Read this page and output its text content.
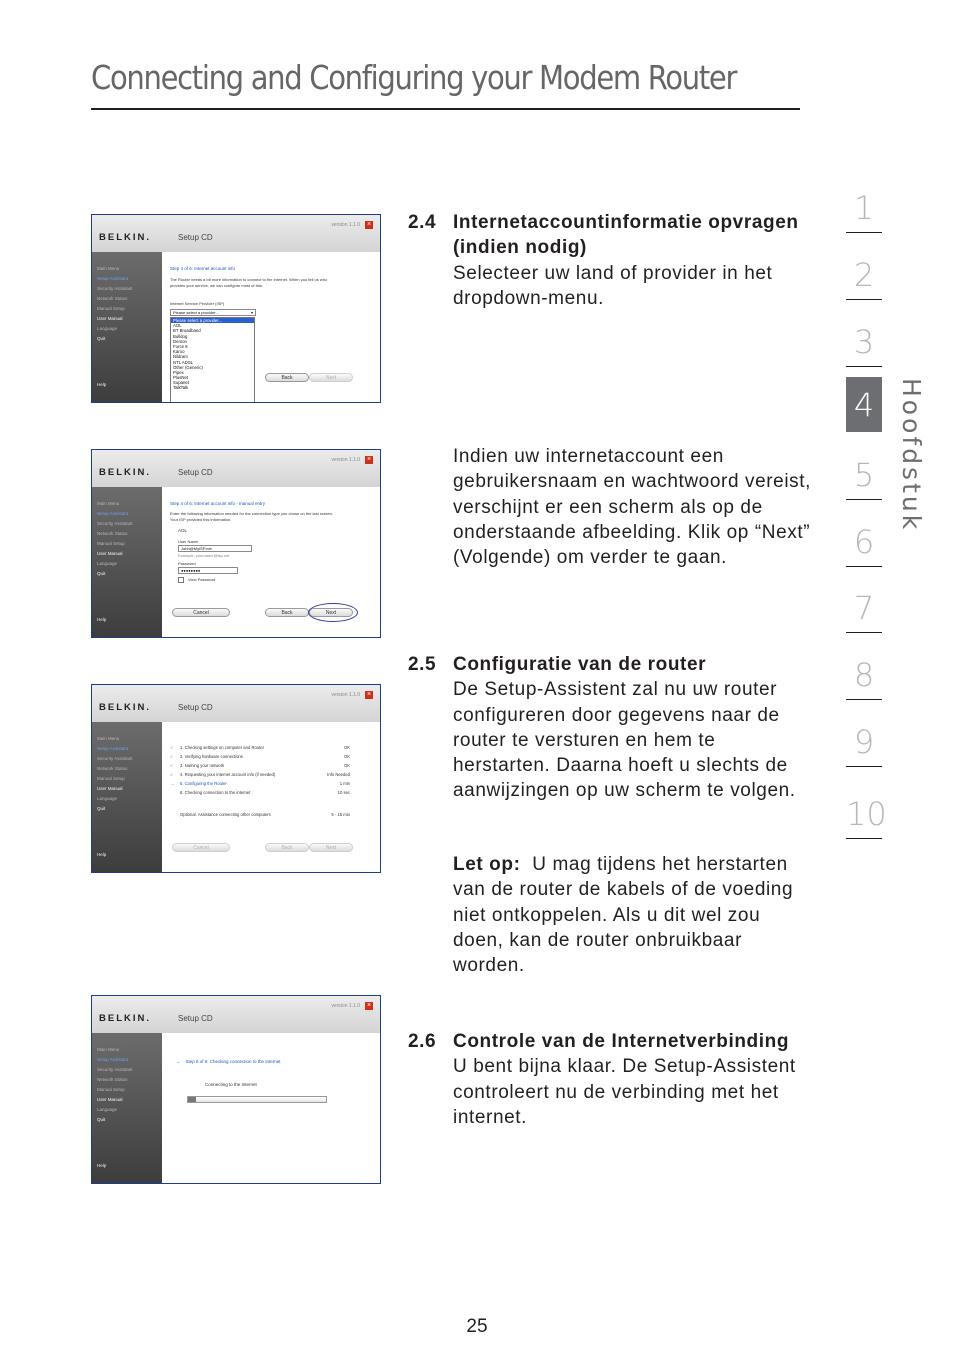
Connecting and Configuring your Modem Router
1
2
3
4
5
6
7
8
9
10
Hoofdstuk
2.4 Internetaccountinformatie opvragen (indien nodig)
Selecteer uw land of provider in het dropdown-menu.
Indien uw internetaccount een gebruikersnaam en wachtwoord vereist, verschijnt er een scherm als op de onderstaande afbeelding. Klik op “Next” (Volgende) om verder te gaan.
2.5 Configuratie van de router
De Setup-Assistent zal nu uw router configureren door gegevens naar de router te versturen en hem te herstarten. Daarna hoeft u slechts de aanwijzingen op uw scherm te volgen.
Let op: U mag tijdens het herstarten van de router de kabels of de voeding niet ontkoppelen. Als u dit wel zou doen, kan de router onbruikbaar worden.
2.6 Controle van de Internetverbinding
U bent bijna klaar. De Setup-Assistent controleert nu de verbinding met het internet.
25
BELKIN.	Setup CD
version 1.1.0 ×
Main Menu
Setup Assistant
Security Assistant
Network Status
Manual Setup
User Manual
Language
Quit
Help
Step 4 of 6: Internet account info
The Router needs a bit more information to connect to the internet. When you tell us who
provides your service, we can configure most of this.
Internet Service Provider (ISP)
Please select a provider...	▾
Please select a provider...
AOL
BT Broadband
Bulldog
Demon
Force 9
Karoo
Nildram
NTL ADSL
Other (Generic)
Pipex
PlusNet
Supanet
TalkTalk
Back	Next
BELKIN.	Setup CD
version 1.1.0 ×
Main Menu
Setup Assistant
Security Assistant
Network Status
Manual Setup
User Manual
Language
Quit
Help
Step 4 of 6: Internet account info - manual entry
Enter the following information needed for the connection type you chose on the last screen.
Your ISP provided this information.
AOL
User Name
John@MyISP.net
Example: yourname@isp.net
Password
●●●●●●●●
View Password
Cancel	Back	Next
BELKIN.	Setup CD
version 1.1.0 ×
Main Menu
Setup Assistant
Security Assistant
Network Status
Manual Setup
User Manual
Language
Quit
Help
✓ 1. Checking settings on computer and Router	OK
✓ 2. Verifying hardware connections	OK
✓ 3. Naming your network	OK
✓ 4. Requesting your internet account info (if needed)	Info Needed
→ 5. Configuring the Router	1 min
6. Checking connection to the internet	10 sec
Optional: Assistance connecting other computers	5 - 15 min
Cancel	Back	Next
BELKIN.	Setup CD
version 1.1.0 ×
Main Menu
Setup Assistant
Security Assistant
Network Status
Manual Setup
User Manual
Language
Quit
Help
→ Step 6 of 6: Checking connection to the Internet
Connecting to the Internet
